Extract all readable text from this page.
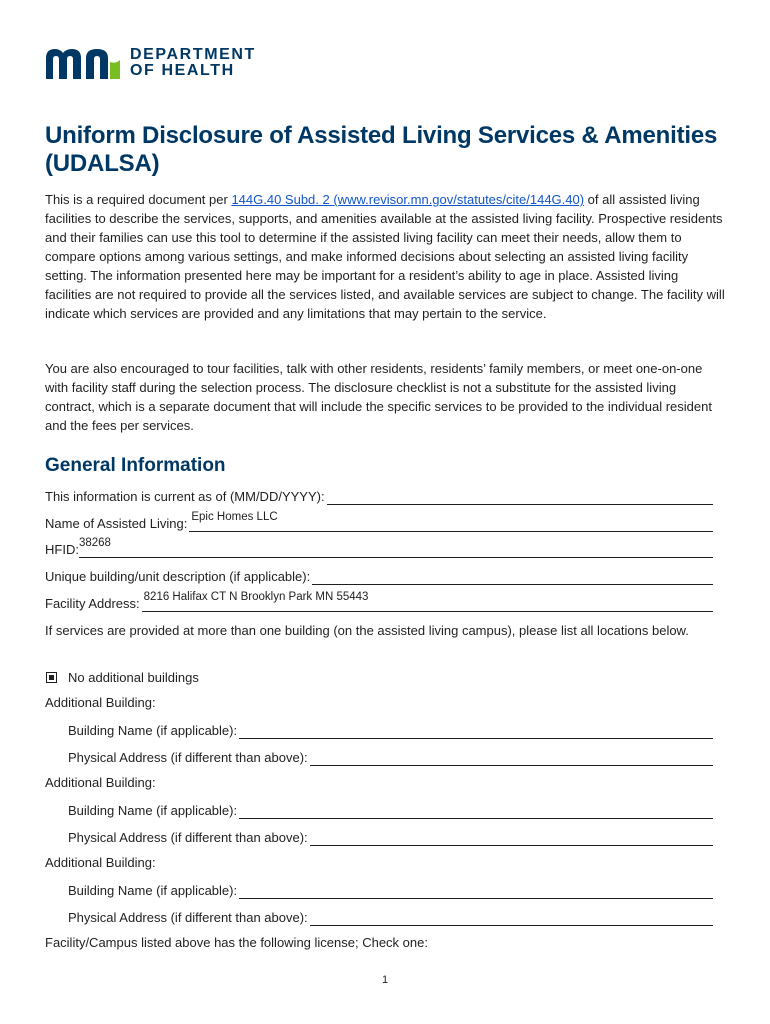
DEPARTMENT
OF HEALTH
Uniform Disclosure of Assisted Living Services & Amenities (UDALSA)

This is a required document per 144G.40 Subd. 2 (www.revisor.mn.gov/statutes/cite/144G.40) of all assisted living facilities to describe the services, supports, and amenities available at the assisted living facility. Prospective residents and their families can use this tool to determine if the assisted living facility can meet their needs, allow them to compare options among various settings, and make informed decisions about selecting an assisted living facility setting. The information presented here may be important for a resident’s ability to age in place. Assisted living facilities are not required to provide all the services listed, and available services are subject to change. The facility will indicate which services are provided and any limitations that may pertain to the service.

You are also encouraged to tour facilities, talk with other residents, residents’ family members, or meet one-on-one with facility staff during the selection process. The disclosure checklist is not a substitute for the assisted living contract, which is a separate document that will include the specific services to be provided to the individual resident and the fees per services.

General Information
This information is current as of (MM/DD/YYYY):
Name of Assisted Living: Epic Homes LLC
HFID: 38268
Unique building/unit description (if applicable):
Facility Address: 8216 Halifax CT N Brooklyn Park MN 55443

If services are provided at more than one building (on the assisted living campus), please list all locations below.

No additional buildings

Additional Building:

Building Name (if applicable):
Physical Address (if different than above):

Additional Building:

Building Name (if applicable):
Physical Address (if different than above):

Additional Building:

Building Name (if applicable):
Physical Address (if different than above):

Facility/Campus listed above has the following license; Check one:

1
